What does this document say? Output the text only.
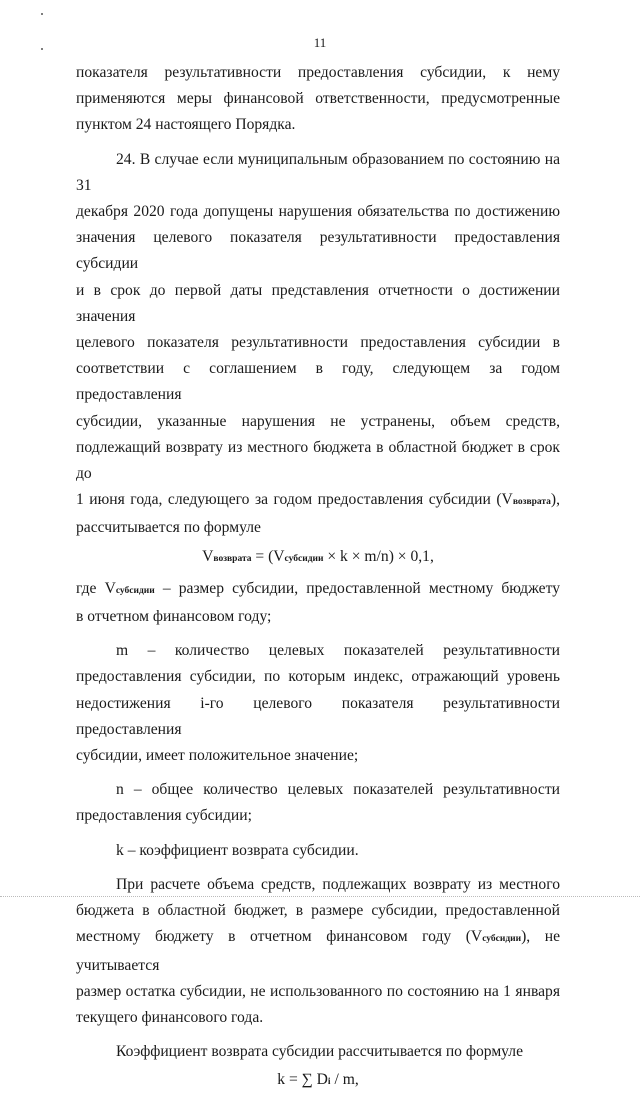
11
показателя результативности предоставления субсидии, к нему
применяются меры финансовой ответственности, предусмотренные
пунктом 24 настоящего Порядка.
24. В случае если муниципальным образованием по состоянию на 31
декабря 2020 года допущены нарушения обязательства по достижению
значения целевого показателя результативности предоставления субсидии
и в срок до первой даты представления отчетности о достижении значения
целевого показателя результативности предоставления субсидии в
соответствии с соглашением в году, следующем за годом предоставления
субсидии, указанные нарушения не устранены, объем средств,
подлежащий возврату из местного бюджета в областной бюджет в срок до
1 июня года, следующего за годом предоставления субсидии (Vвозврата),
рассчитывается по формуле
Vвозврата = (Vсубсидии × k × m/n) × 0,1,
где Vсубсидии – размер субсидии, предоставленной местному бюджету
в отчетном финансовом году;
m – количество целевых показателей результативности
предоставления субсидии, по которым индекс, отражающий уровень
недостижения i-го целевого показателя результативности предоставления
субсидии, имеет положительное значение;
n – общее количество целевых показателей результативности
предоставления субсидии;
k – коэффициент возврата субсидии.
При расчете объема средств, подлежащих возврату из местного
бюджета в областной бюджет, в размере субсидии, предоставленной
местному бюджету в отчетном финансовом году (Vсубсидии), не учитывается
размер остатка субсидии, не использованного по состоянию на 1 января
текущего финансового года.
Коэффициент возврата субсидии рассчитывается по формуле
k = ∑ Di / m,
